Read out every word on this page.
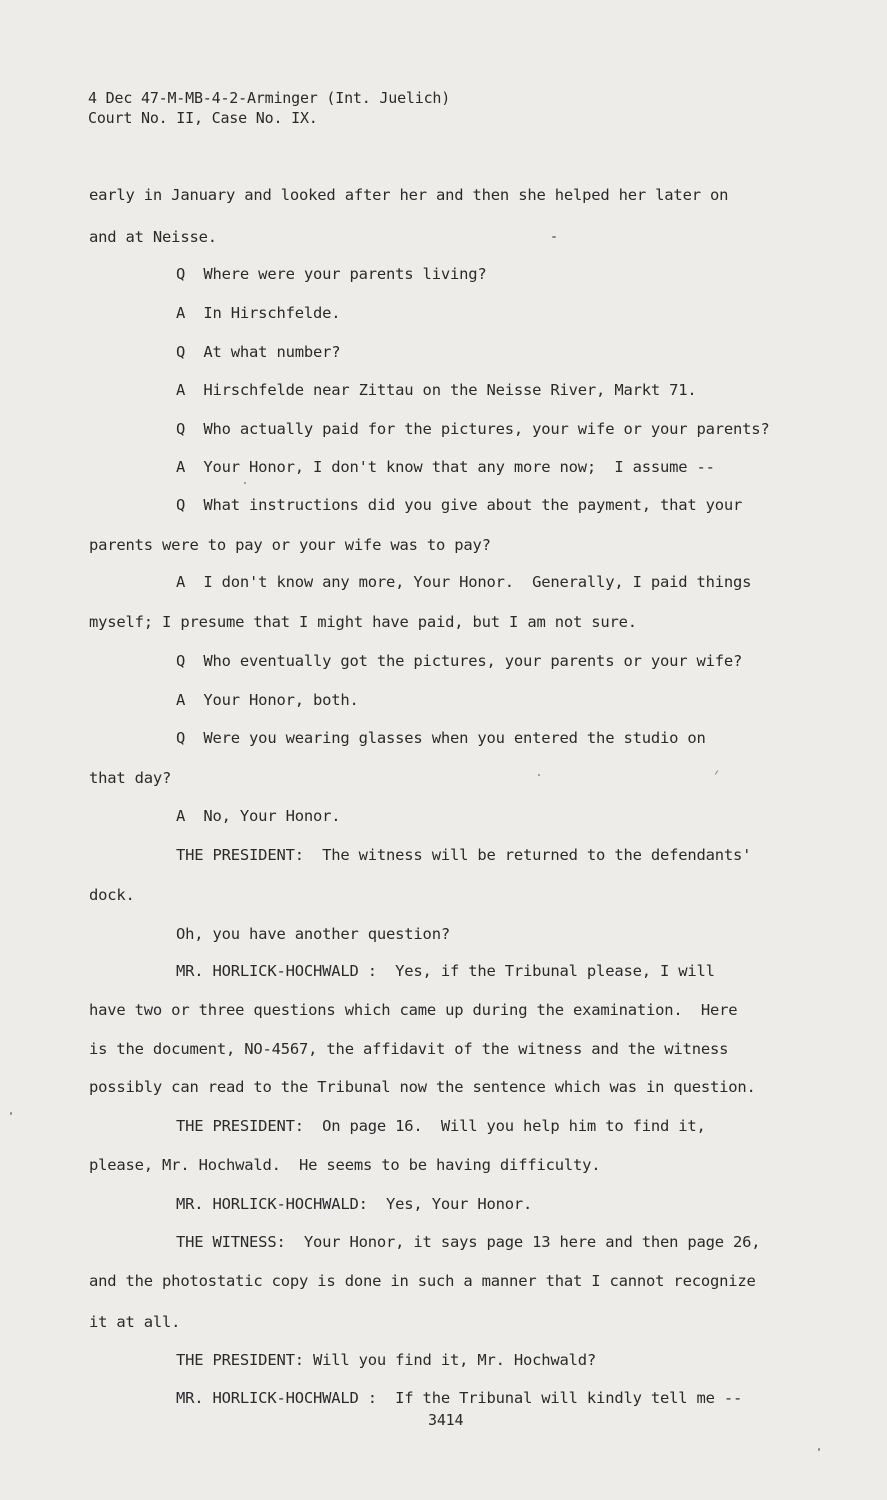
4 Dec 47-M-MB-4-2-Arminger (Int. Juelich)
Court No. II, Case No. IX.
early in January and looked after her and then she helped her later on
and at Neisse.
Q  Where were your parents living?
A  In Hirschfelde.
Q  At what number?
A  Hirschfelde near Zittau on the Neisse River, Markt 71.
Q  Who actually paid for the pictures, your wife or your parents?
A  Your Honor, I don't know that any more now;  I assume --
Q  What instructions did you give about the payment, that your
parents were to pay or your wife was to pay?
A  I don't know any more, Your Honor.  Generally, I paid things
myself; I presume that I might have paid, but I am not sure.
Q  Who eventually got the pictures, your parents or your wife?
A  Your Honor, both.
Q  Were you wearing glasses when you entered the studio on
that day?
A  No, Your Honor.
THE PRESIDENT:  The witness will be returned to the defendants'
dock.
Oh, you have another question?
MR. HORLICK-HOCHWALD :  Yes, if the Tribunal please, I will
have two or three questions which came up during the examination.  Here
is the document, NO-4567, the affidavit of the witness and the witness
possibly can read to the Tribunal now the sentence which was in question.
THE PRESIDENT:  On page 16.  Will you help him to find it,
please, Mr. Hochwald.  He seems to be having difficulty.
MR. HORLICK-HOCHWALD:  Yes, Your Honor.
THE WITNESS:  Your Honor, it says page 13 here and then page 26,
and the photostatic copy is done in such a manner that I cannot recognize
it at all.
THE PRESIDENT: Will you find it, Mr. Hochwald?
MR. HORLICK-HOCHWALD :  If the Tribunal will kindly tell me --
3414
